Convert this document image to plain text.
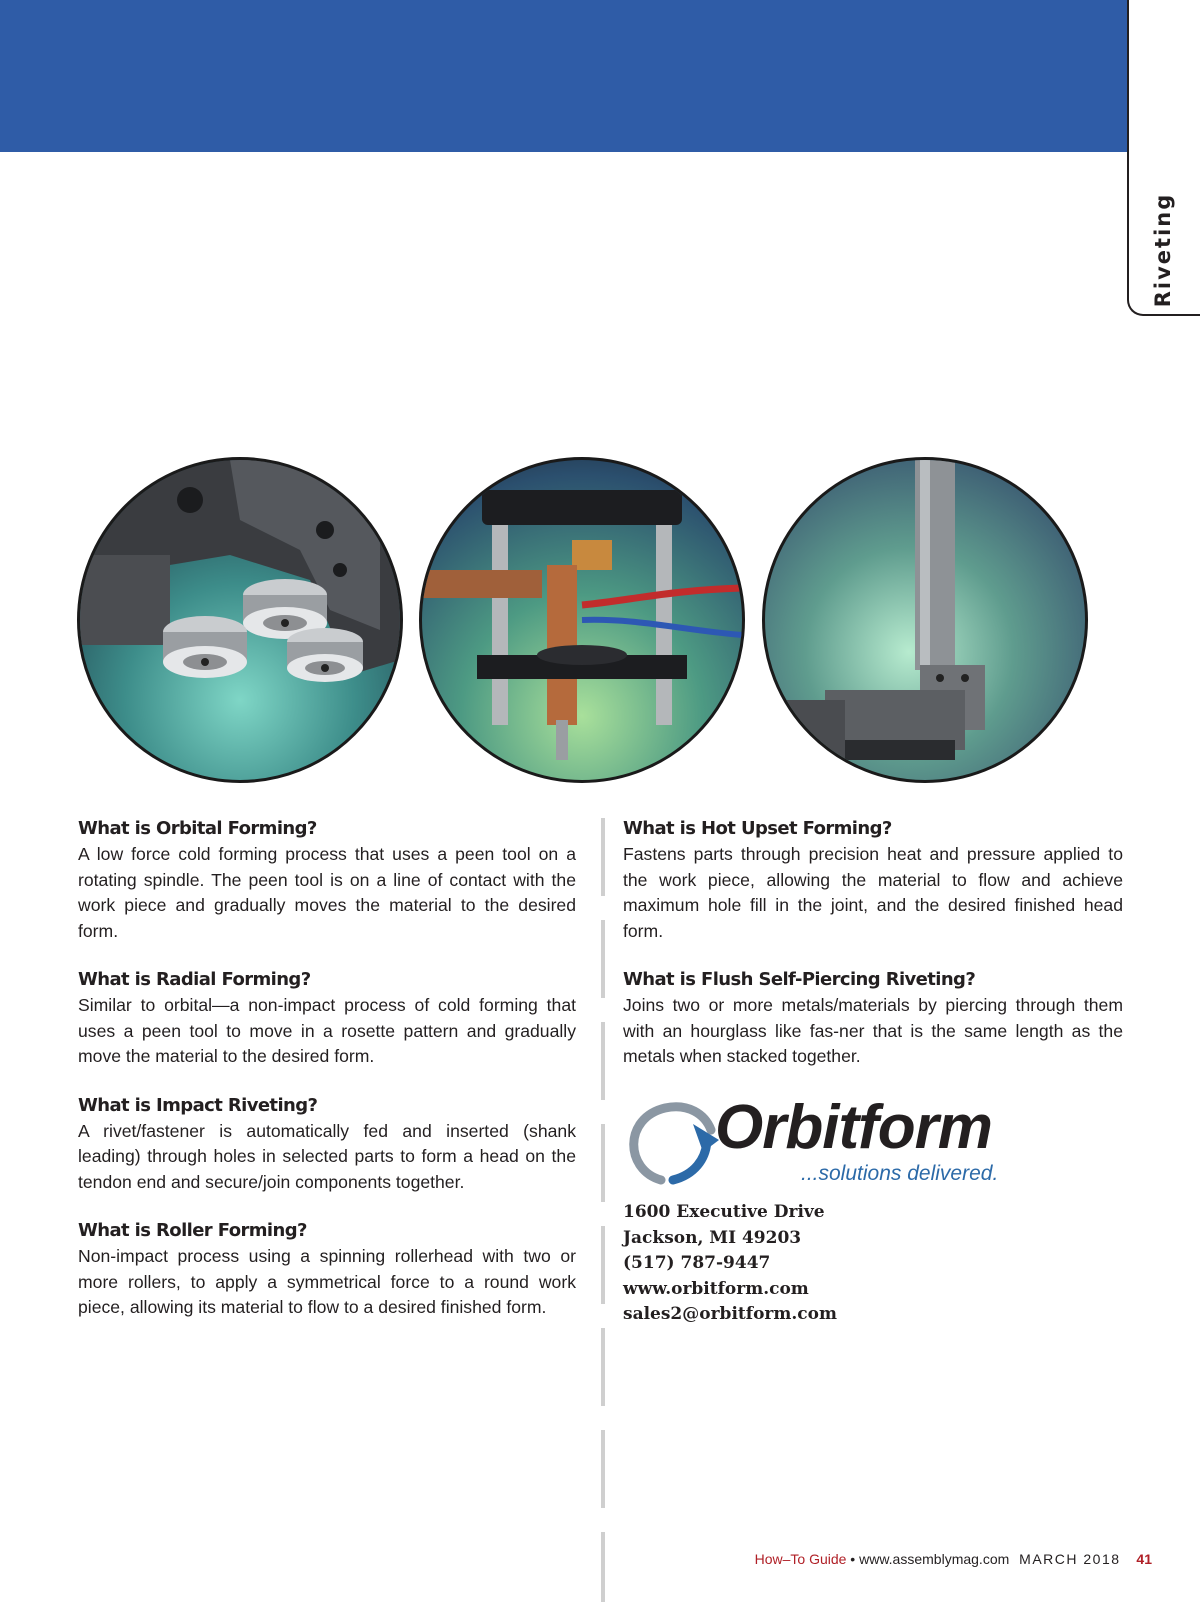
Riveting
What is Orbital Forming?

A low force cold forming process that uses a peen tool on a rotating spindle. The peen tool is on a line of contact with the work piece and gradually moves the material to the desired form.

What is Radial Forming?

Similar to orbital—a non-impact process of cold forming that uses a peen tool to move in a rosette pattern and gradually move the material to the desired form.

What is Impact Riveting?

A rivet/fastener is automatically fed and inserted (shank leading) through holes in selected parts to form a head on the tendon end and secure/join components together.

What is Roller Forming?

Non-impact process using a spinning rollerhead with two or more rollers, to apply a symmetrical force to a round work piece, allowing its material to flow to a desired finished form.

What is Hot Upset Forming?

Fastens parts through precision heat and pressure applied to the work piece, allowing the material to flow and achieve maximum hole fill in the joint, and the desired finished head form.

What is Flush Self-Piercing Riveting?

Joins two or more metals/materials by piercing through them with an hourglass like fas-ner that is the same length as the metals when stacked together.

Orbitform
...solutions delivered.
1600 Executive Drive
Jackson, MI 49203
(517) 787-9447
www.orbitform.com
sales2@orbitform.com
How–To Guide • www.assemblymag.com MARCH 2018 41
